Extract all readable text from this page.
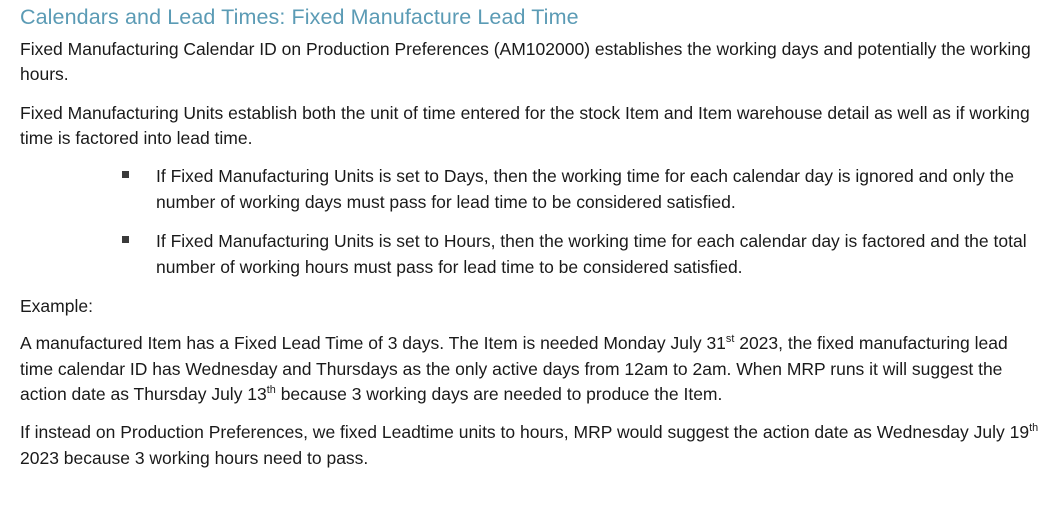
Calendars and Lead Times: Fixed Manufacture Lead Time

Fixed Manufacturing Calendar ID on Production Preferences (AM102000) establishes the working days and potentially the working hours.

Fixed Manufacturing Units establish both the unit of time entered for the stock Item and Item warehouse detail as well as if working time is factored into lead time.

If Fixed Manufacturing Units is set to Days, then the working time for each calendar day is ignored and only the number of working days must pass for lead time to be considered satisfied.
If Fixed Manufacturing Units is set to Hours, then the working time for each calendar day is factored and the total number of working hours must pass for lead time to be considered satisfied.

Example:

A manufactured Item has a Fixed Lead Time of 3 days. The Item is needed Monday July 31st 2023, the fixed manufacturing lead time calendar ID has Wednesday and Thursdays as the only active days from 12am to 2am. When MRP runs it will suggest the action date as Thursday July 13th because 3 working days are needed to produce the Item.

If instead on Production Preferences, we fixed Leadtime units to hours, MRP would suggest the action date as Wednesday July 19th 2023 because 3 working hours need to pass.
